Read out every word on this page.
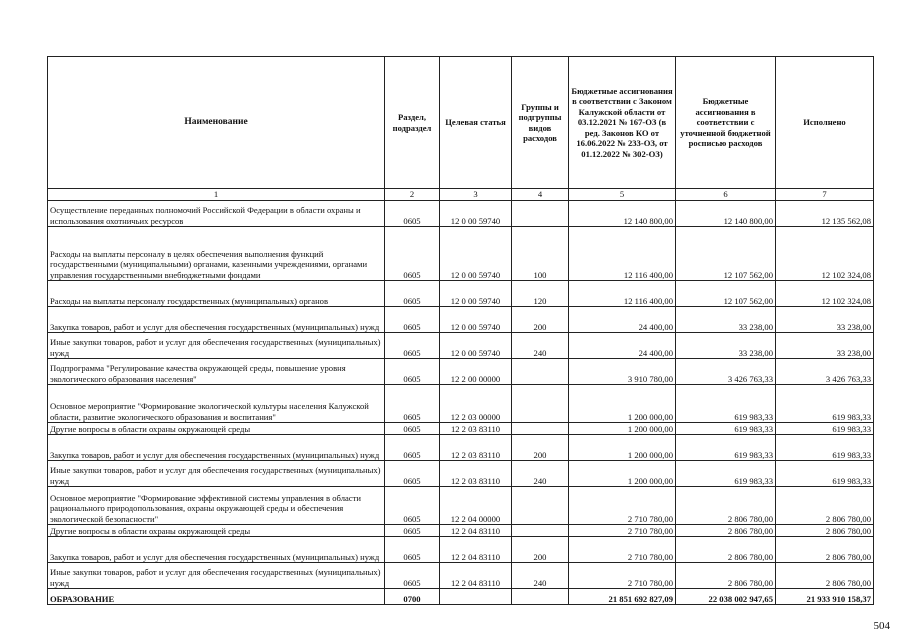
Наименование	Раздел, подраздел	Целевая статья	Группы и подгруппы видов расходов	Бюджетные ассигнования в соответствии с Законом Калужской области от 03.12.2021 № 167-ОЗ (в ред. Законов КО от 16.06.2022 № 233-ОЗ, от 01.12.2022 № 302-ОЗ)	Бюджетные ассигнования в соответствии с уточненной бюджетной росписью расходов	Исполнено
1	2	3	4	5	6	7
Осуществление переданных полномочий Российской Федерации в области охраны и использования охотничьих ресурсов	0605	12 0 00 59740		12 140 800,00	12 140 800,00	12 135 562,08
Расходы на выплаты персоналу в целях обеспечения выполнения функций государственными (муниципальными) органами, казенными учреждениями, органами управления государственными внебюджетными фондами	0605	12 0 00 59740	100	12 116 400,00	12 107 562,00	12 102 324,08
Расходы на выплаты персоналу государственных (муниципальных) органов	0605	12 0 00 59740	120	12 116 400,00	12 107 562,00	12 102 324,08
Закупка товаров, работ и услуг для обеспечения государственных (муниципальных) нужд	0605	12 0 00 59740	200	24 400,00	33 238,00	33 238,00
Иные закупки товаров, работ и услуг для обеспечения государственных (муниципальных) нужд	0605	12 0 00 59740	240	24 400,00	33 238,00	33 238,00
Подпрограмма "Регулирование качества окружающей среды, повышение уровня экологического образования населения"	0605	12 2 00 00000		3 910 780,00	3 426 763,33	3 426 763,33
Основное мероприятие "Формирование экологической культуры населения Калужской области, развитие экологического образования и воспитания"	0605	12 2 03 00000		1 200 000,00	619 983,33	619 983,33
Другие вопросы в области охраны окружающей среды	0605	12 2 03 83110		1 200 000,00	619 983,33	619 983,33
Закупка товаров, работ и услуг для обеспечения государственных (муниципальных) нужд	0605	12 2 03 83110	200	1 200 000,00	619 983,33	619 983,33
Иные закупки товаров, работ и услуг для обеспечения государственных (муниципальных) нужд	0605	12 2 03 83110	240	1 200 000,00	619 983,33	619 983,33
Основное мероприятие "Формирование эффективной системы управления в области рационального природопользования, охраны окружающей среды и обеспечения экологической безопасности"	0605	12 2 04 00000		2 710 780,00	2 806 780,00	2 806 780,00
Другие вопросы в области охраны окружающей среды	0605	12 2 04 83110		2 710 780,00	2 806 780,00	2 806 780,00
Закупка товаров, работ и услуг для обеспечения государственных (муниципальных) нужд	0605	12 2 04 83110	200	2 710 780,00	2 806 780,00	2 806 780,00
Иные закупки товаров, работ и услуг для обеспечения государственных (муниципальных) нужд	0605	12 2 04 83110	240	2 710 780,00	2 806 780,00	2 806 780,00
ОБРАЗОВАНИЕ	0700			21 851 692 827,09	22 038 002 947,65	21 933 910 158,37
504
